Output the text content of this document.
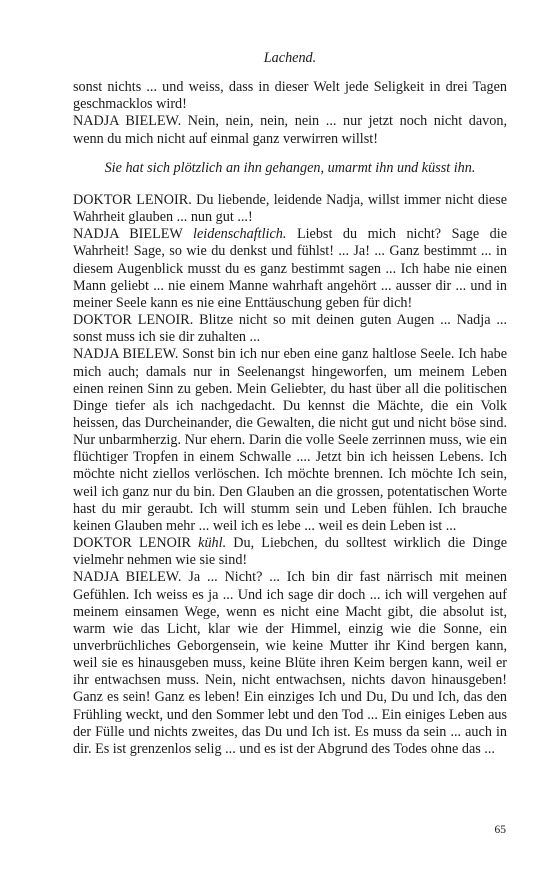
Lachend.

sonst nichts ... und weiss, dass in dieser Welt jede Seligkeit in drei Tagen geschmacklos wird!

NADJA BIELEW. Nein, nein, nein, nein ... nur jetzt noch nicht davon, wenn du mich nicht auf einmal ganz verwirren willst!

Sie hat sich plötzlich an ihn gehangen, umarmt ihn und küsst ihn.

DOKTOR LENOIR. Du liebende, leidende Nadja, willst immer nicht diese Wahrheit glauben ... nun gut ...!

NADJA BIELEW leidenschaftlich. Liebst du mich nicht? Sage die Wahrheit! Sage, so wie du denkst und fühlst! ... Ja! ... Ganz bestimmt ... in diesem Augenblick musst du es ganz bestimmt sagen ... Ich habe nie einen Mann geliebt ... nie einem Manne wahrhaft angehört ... ausser dir ... und in meiner Seele kann es nie eine Enttäuschung geben für dich!

DOKTOR LENOIR. Blitze nicht so mit deinen guten Augen ... Nadja ... sonst muss ich sie dir zuhalten ...

NADJA BIELEW. Sonst bin ich nur eben eine ganz haltlose Seele. Ich habe mich auch; damals nur in Seelenangst hingeworfen, um meinem Leben einen reinen Sinn zu geben. Mein Geliebter, du hast über all die politischen Dinge tiefer als ich nachgedacht. Du kennst die Mächte, die ein Volk heissen, das Durcheinander, die Gewalten, die nicht gut und nicht böse sind. Nur unbarmherzig. Nur ehern. Darin die volle Seele zerrinnen muss, wie ein flüchtiger Tropfen in einem Schwalle .... Jetzt bin ich heissen Lebens. Ich möchte nicht ziellos verlöschen. Ich möchte brennen. Ich möchte Ich sein, weil ich ganz nur du bin. Den Glauben an die grossen, potentatischen Worte hast du mir geraubt. Ich will stumm sein und Leben fühlen. Ich brauche keinen Glauben mehr ... weil ich es lebe ... weil es dein Leben ist ...

DOKTOR LENOIR kühl. Du, Liebchen, du solltest wirklich die Dinge vielmehr nehmen wie sie sind!

NADJA BIELEW. Ja ... Nicht? ... Ich bin dir fast närrisch mit meinen Gefühlen. Ich weiss es ja ... Und ich sage dir doch ... ich will vergehen auf meinem einsamen Wege, wenn es nicht eine Macht gibt, die absolut ist, warm wie das Licht, klar wie der Himmel, einzig wie die Sonne, ein unverbrüchliches Geborgensein, wie keine Mutter ihr Kind bergen kann, weil sie es hinausgeben muss, keine Blüte ihren Keim bergen kann, weil er ihr entwachsen muss. Nein, nicht entwachsen, nichts davon hinausgeben! Ganz es sein! Ganz es leben! Ein einziges Ich und Du, Du und Ich, das den Frühling weckt, und den Sommer lebt und den Tod ... Ein einiges Leben aus der Fülle und nichts zweites, das Du und Ich ist. Es muss da sein ... auch in dir. Es ist grenzenlos selig ... und es ist der Abgrund des Todes ohne das ...

65
